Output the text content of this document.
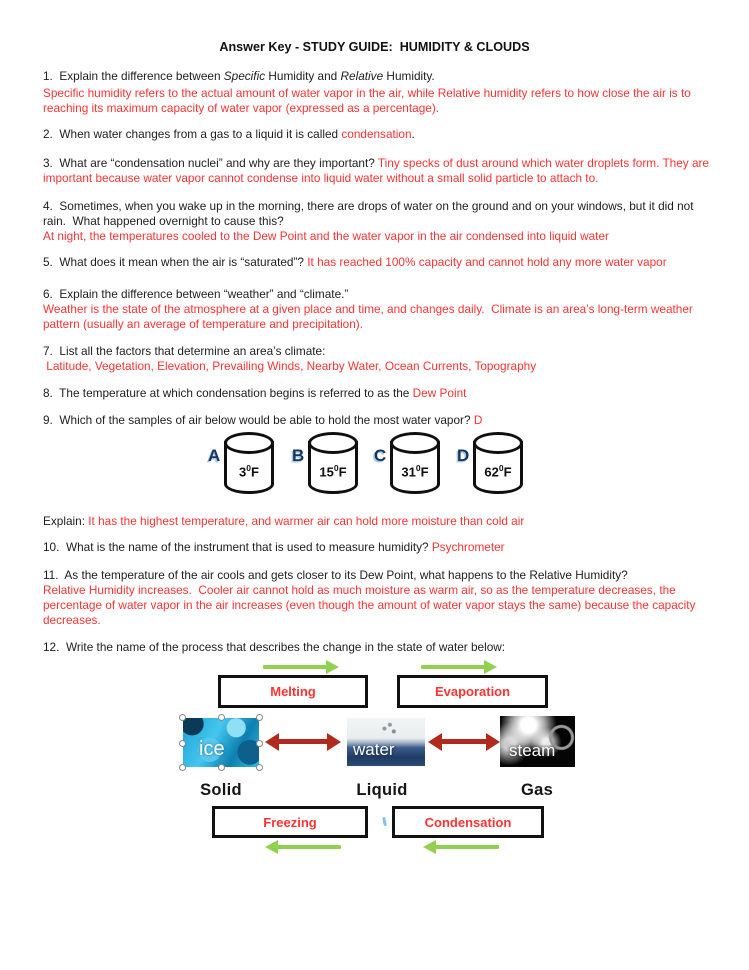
Answer Key - STUDY GUIDE:  HUMIDITY & CLOUDS
1.  Explain the difference between Specific Humidity and Relative Humidity.
Specific humidity refers to the actual amount of water vapor in the air, while Relative humidity refers to how close the air is to reaching its maximum capacity of water vapor (expressed as a percentage).
2.  When water changes from a gas to a liquid it is called condensation.
3.  What are “condensation nuclei” and why are they important? Tiny specks of dust around which water droplets form. They are important because water vapor cannot condense into liquid water without a small solid particle to attach to.
4.  Sometimes, when you wake up in the morning, there are drops of water on the ground and on your windows, but it did not rain.  What happened overnight to cause this?
At night, the temperatures cooled to the Dew Point and the water vapor in the air condensed into liquid water
5.  What does it mean when the air is “saturated”? It has reached 100% capacity and cannot hold any more water vapor
6.  Explain the difference between “weather” and “climate.”
Weather is the state of the atmosphere at a given place and time, and changes daily.  Climate is an area’s long-term weather pattern (usually an average of temperature and precipitation).
7.  List all the factors that determine an area’s climate:
Latitude, Vegetation, Elevation, Prevailing Winds, Nearby Water, Ocean Currents, Topography
8.  The temperature at which condensation begins is referred to as the Dew Point
9.  Which of the samples of air below would be able to hold the most water vapor? D
A
$3^0F$
B
$15^0F$
C
$31^0F$
D
$62^0F$
Explain: It has the highest temperature, and warmer air can hold more moisture than cold air
10.  What is the name of the instrument that is used to measure humidity? Psychrometer
11.  As the temperature of the air cools and gets closer to its Dew Point, what happens to the Relative Humidity?
Relative Humidity increases.  Cooler air cannot hold as much moisture as warm air, so as the temperature decreases, the percentage of water vapor in the air increases (even though the amount of water vapor stays the same) because the capacity decreases.
12.  Write the name of the process that describes the change in the state of water below:
Melting	Evaporation
ice	water	steam
Solid	Liquid	Gas
Freezing	Condensation
